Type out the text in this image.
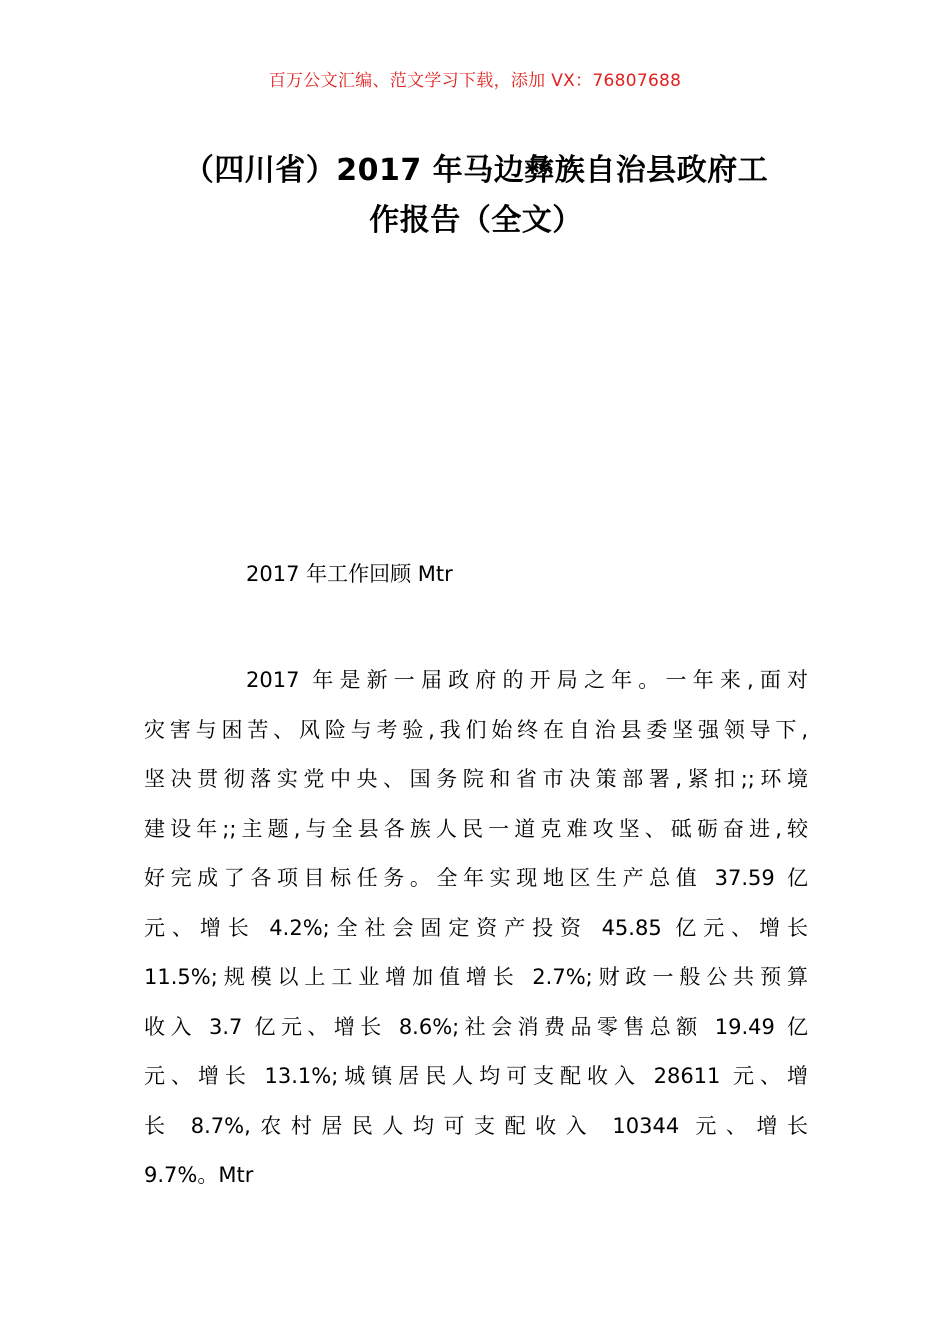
百万公文汇编、范文学习下载，添加 VX：76807688
（四川省）2017 年马边彝族自治县政府工
作报告（全文）
2017 年工作回顾 Mtr
2017 年是新一届政府的开局之年。一年来,面对
灾害与困苦、风险与考验,我们始终在自治县委坚强领导下,
坚决贯彻落实党中央、国务院和省市决策部署,紧扣;;环境
建设年;;主题,与全县各族人民一道克难攻坚、砥砺奋进,较
好完成了各项目标任务。全年实现地区生产总值 37.59 亿
元、增长 4.2%;全社会固定资产投资 45.85 亿元、增长
11.5%;规模以上工业增加值增长 2.7%;财政一般公共预算
收入 3.7 亿元、增长 8.6%;社会消费品零售总额 19.49 亿
元、增长 13.1%;城镇居民人均可支配收入 28611 元、增
长 8.7%,农村居民人均可支配收入 10344 元、增长
9.7%。Mtr
